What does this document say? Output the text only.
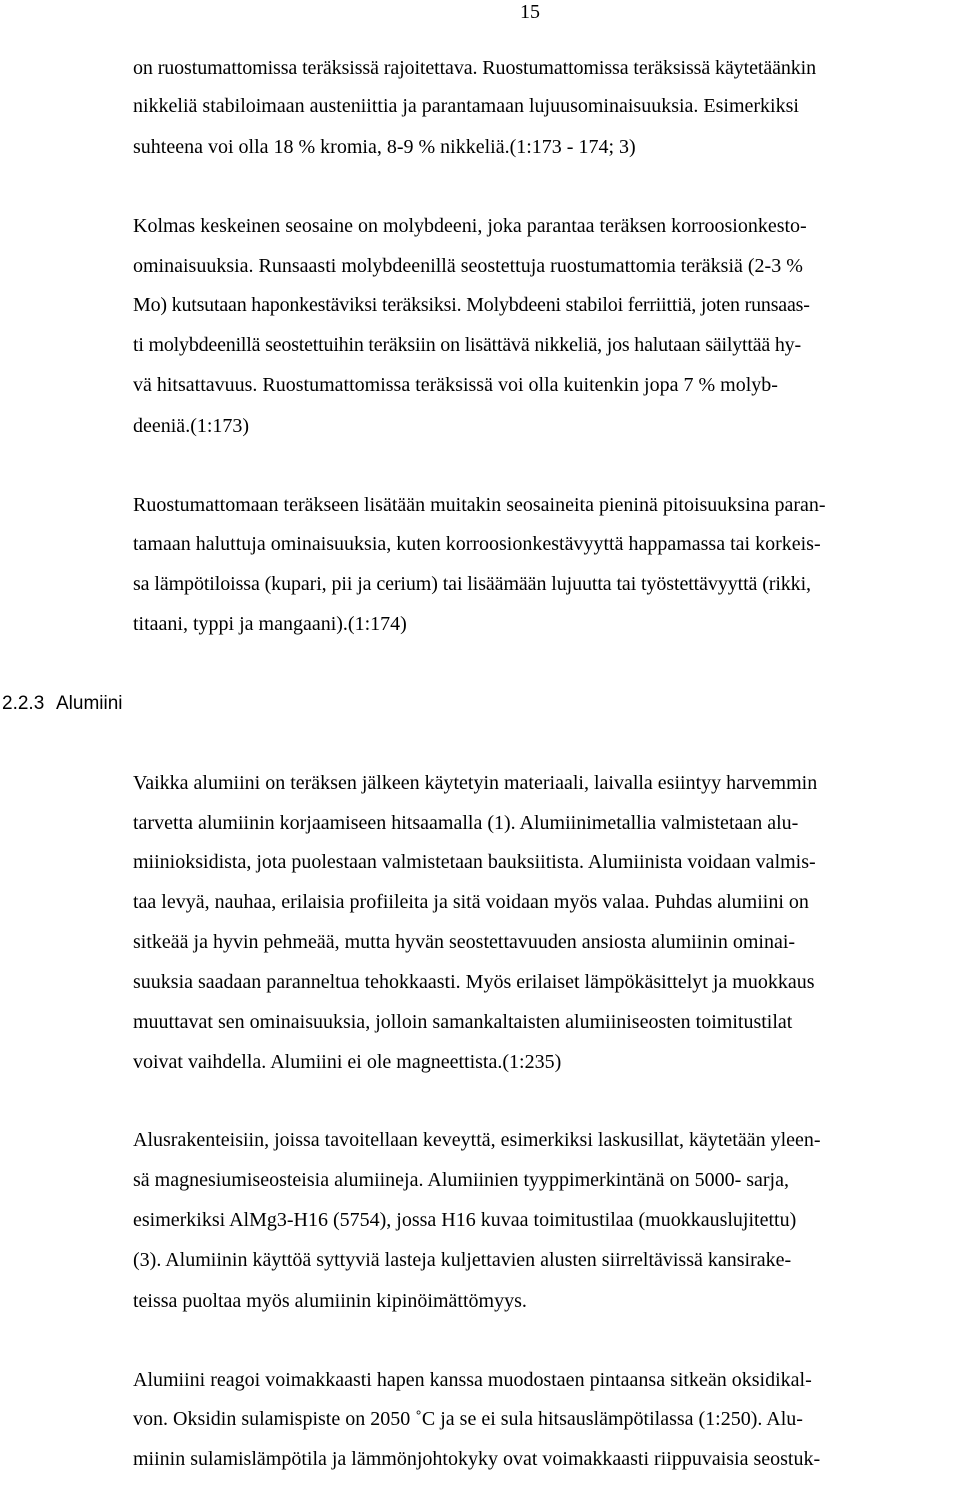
15
on ruostumattomissa teräksissä rajoitettava. Ruostumattomissa teräksissä käytetäänkin
nikkeliä stabiloimaan austeniittia ja parantamaan lujuusominaisuuksia. Esimerkiksi
suhteena voi olla 18 % kromia, 8-9 % nikkeliä.(1:173 - 174; 3)
Kolmas keskeinen seosaine on molybdeeni, joka parantaa teräksen korroosionkesto-
ominaisuuksia. Runsaasti molybdeenillä seostettuja ruostumattomia teräksiä (2-3 %
Mo) kutsutaan haponkestäviksi teräksiksi. Molybdeeni stabiloi ferriittiä, joten runsaas-
ti molybdeenillä seostettuihin teräksiin on lisättävä nikkeliä, jos halutaan säilyttää hy-
vä hitsattavuus. Ruostumattomissa teräksissä voi olla kuitenkin jopa 7 % molyb-
deeniä.(1:173)
Ruostumattomaan teräkseen lisätään muitakin seosaineita pieninä pitoisuuksina paran-
tamaan haluttuja ominaisuuksia, kuten korroosionkestävyyttä happamassa tai korkeis-
sa lämpötiloissa (kupari, pii ja cerium) tai lisäämään lujuutta tai työstettävyyttä (rikki,
titaani, typpi ja mangaani).(1:174)
2.2.3 Alumiini
Vaikka alumiini on teräksen jälkeen käytetyin materiaali, laivalla esiintyy harvemmin
tarvetta alumiinin korjaamiseen hitsaamalla (1). Alumiinimetallia valmistetaan alu-
miinioksidista, jota puolestaan valmistetaan bauksiitista. Alumiinista voidaan valmis-
taa levyä, nauhaa, erilaisia profiileita ja sitä voidaan myös valaa. Puhdas alumiini on
sitkeää ja hyvin pehmeää, mutta hyvän seostettavuuden ansiosta alumiinin ominai-
suuksia saadaan paranneltua tehokkaasti. Myös erilaiset lämpökäsittelyt ja muokkaus
muuttavat sen ominaisuuksia, jolloin samankaltaisten alumiiniseosten toimitustilat
voivat vaihdella. Alumiini ei ole magneettista.(1:235)
Alusrakenteisiin, joissa tavoitellaan keveyttä, esimerkiksi laskusillat, käytetään yleen-
sä magnesiumiseosteisia alumiineja. Alumiinien tyyppimerkintänä on 5000- sarja,
esimerkiksi AlMg3-H16 (5754), jossa H16 kuvaa toimitustilaa (muokkauslujitettu)
(3). Alumiinin käyttöä syttyviä lasteja kuljettavien alusten siirreltävissä kansirake-
teissa puoltaa myös alumiinin kipinöimättömyys.
Alumiini reagoi voimakkaasti hapen kanssa muodostaen pintaansa sitkeän oksidikal-
von. Oksidin sulamispiste on 2050 ˚C ja se ei sula hitsauslämpötilassa (1:250). Alu-
miinin sulamislämpötila ja lämmönjohtokyky ovat voimakkaasti riippuvaisia seostuk-
